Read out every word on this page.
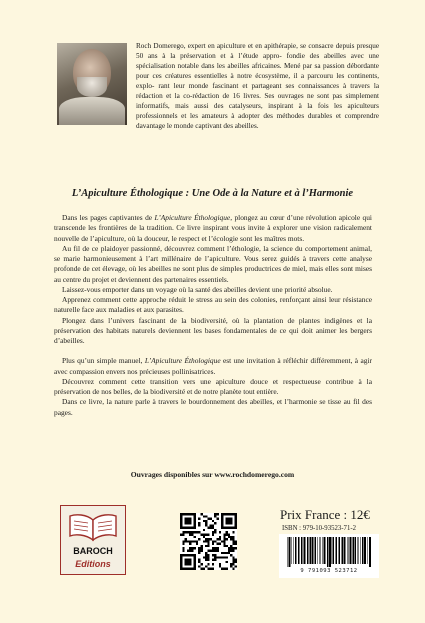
Roch Domerego, expert en apiculture et en apithérapie, se consacre depuis presque 50 ans à la préservation et à l’étude appro- fondie des abeilles avec une spécialisation notable dans les abeilles africaines. Mené par sa passion débordante pour ces créatures essentielles à notre écosystème, il a parcouru les continents, explo- rant leur monde fascinant et partageant ses connaissances à travers la rédaction et la co-rédaction de 16 livres. Ses ouvrages ne sont pas simplement informatifs, mais aussi des catalyseurs, inspirant à la fois les apiculteurs professionnels et les amateurs à adopter des méthodes durables et comprendre davantage le monde captivant des abeilles.

L’Apiculture Éthologique : Une Ode à la Nature et à l’Harmonie

Dans les pages captivantes de L’Apiculture Éthologique, plongez au cœur d’une révolution apicole qui transcende les frontières de la tradition. Ce livre inspirant vous invite à explorer une vision radicalement nouvelle de l’apiculture, où la douceur, le respect et l’écologie sont les maîtres mots.

Au fil de ce plaidoyer passionné, découvrez comment l’éthologie, la science du comportement animal, se marie harmonieusement à l’art millénaire de l’apiculture. Vous serez guidés à travers cette analyse profonde de cet élevage, où les abeilles ne sont plus de simples productrices de miel, mais elles sont mises au centre du projet et deviennent des partenaires essentiels.

Laissez-vous emporter dans un voyage où la santé des abeilles devient une priorité absolue.

Apprenez comment cette approche réduit le stress au sein des colonies, renforçant ainsi leur résistance naturelle face aux maladies et aux parasites.

Plongez dans l’univers fascinant de la biodiversité, où la plantation de plantes indigènes et la préservation des habitats naturels deviennent les bases fondamentales de ce qui doit animer les bergers d’abeilles.

Plus qu’un simple manuel, L’Apiculture Éthologique est une invitation à réfléchir différemment, à agir avec compassion envers nos précieuses pollinisatrices.

Découvrez comment cette transition vers une apiculture douce et respectueuse contribue à la préservation de nos belles, de la biodiversité et de notre planète tout entière.

Dans ce livre, la nature parle à travers le bourdonnement des abeilles, et l’harmonie se tisse au fil des pages.

Ouvrages disponibles sur www.rochdomerego.com

BAROCH
Editions

Prix France : 12€

ISBN : 979-10-93523-71-2

9 791093 523712
